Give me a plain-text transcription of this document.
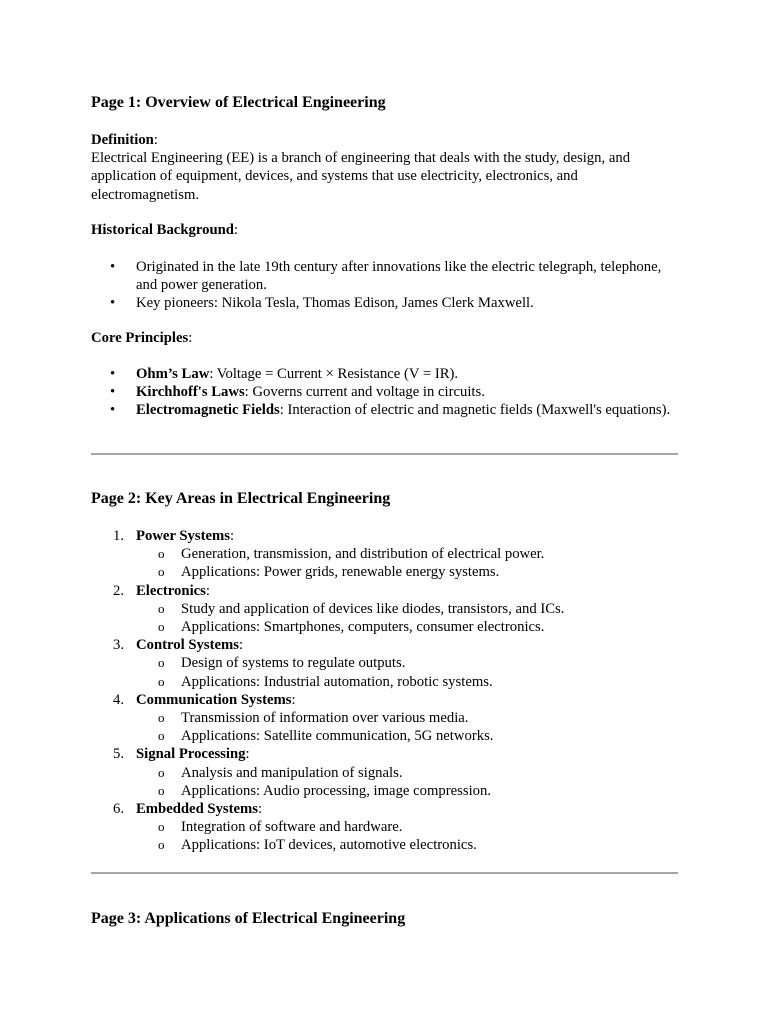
Page 1: Overview of Electrical Engineering

Definition:

Electrical Engineering (EE) is a branch of engineering that deals with the study, design, and application of equipment, devices, and systems that use electricity, electronics, and electromagnetism.

Historical Background:

• Originated in the late 19th century after innovations like the electric telegraph, telephone, and power generation.
• Key pioneers: Nikola Tesla, Thomas Edison, James Clerk Maxwell.

Core Principles:

• Ohm’s Law: Voltage = Current × Resistance (V = IR).
• Kirchhoff's Laws: Governs current and voltage in circuits.
• Electromagnetic Fields: Interaction of electric and magnetic fields (Maxwell's equations).
Page 2: Key Areas in Electrical Engineering
1. Power Systems:
o Generation, transmission, and distribution of electrical power.
o Applications: Power grids, renewable energy systems.
2. Electronics:
o Study and application of devices like diodes, transistors, and ICs.
o Applications: Smartphones, computers, consumer electronics.
3. Control Systems:
o Design of systems to regulate outputs.
o Applications: Industrial automation, robotic systems.
4. Communication Systems:
o Transmission of information over various media.
o Applications: Satellite communication, 5G networks.
5. Signal Processing:
o Analysis and manipulation of signals.
o Applications: Audio processing, image compression.
6. Embedded Systems:
o Integration of software and hardware.
o Applications: IoT devices, automotive electronics.
Page 3: Applications of Electrical Engineering
